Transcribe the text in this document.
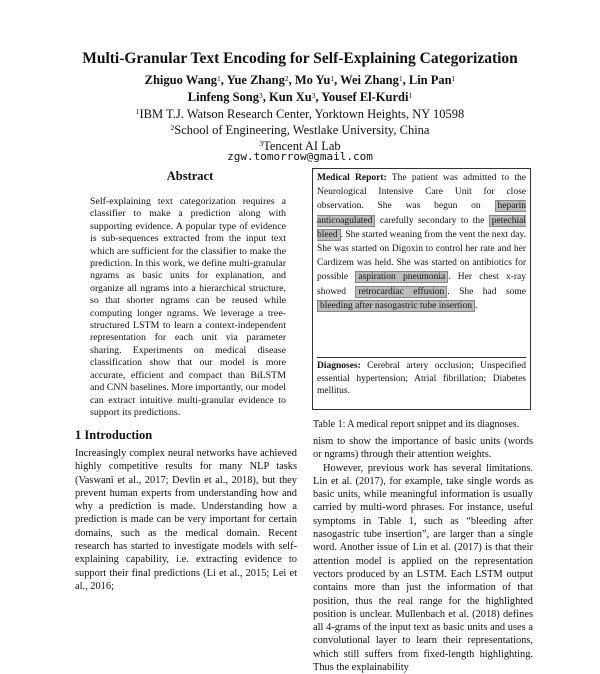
Multi-Granular Text Encoding for Self-Explaining Categorization
Zhiguo Wang$^1$, Yue Zhang$^2$, Mo Yu$^1$, Wei Zhang$^1$, Lin Pan$^1$
Linfeng Song$^3$, Kun Xu$^3$, Yousef El-Kurdi$^1$
$^1$IBM T.J. Watson Research Center, Yorktown Heights, NY 10598
$^2$School of Engineering, Westlake University, China
$^3$Tencent AI Lab
zgw.tomorrow@gmail.com
Abstract
Self-explaining text categorization requires a classifier to make a prediction along with supporting evidence. A popular type of evidence is sub-sequences extracted from the input text which are sufficient for the classifier to make the prediction. In this work, we define multi-granular ngrams as basic units for explanation, and organize all ngrams into a hierarchical structure, so that shorter ngrams can be reused while computing longer ngrams. We leverage a tree-structured LSTM to learn a context-independent representation for each unit via parameter sharing. Experiments on medical disease classification show that our model is more accurate, efficient and compact than BiLSTM and CNN baselines. More importantly, our model can extract intuitive multi-granular evidence to support its predictions.
1 Introduction
Increasingly complex neural networks have achieved highly competitive results for many NLP tasks (Vaswani et al., 2017; Devlin et al., 2018), but they prevent human experts from understanding how and why a prediction is made. Understanding how a prediction is made can be very important for certain domains, such as the medical domain. Recent research has started to investigate models with self-explaining capability, i.e. extracting evidence to support their final predictions (Li et al., 2015; Lei et al., 2016;
Medical Report: The patient was admitted to the Neurological Intensive Care Unit for close observation. She was begun on heparin anticoagulated carefully secondary to the petechial bleed . She started weaning from the vent the next day. She was started on Digoxin to control her rate and her Cardizem was held. She was started on antibiotics for possible aspiration pneumonia . Her chest x-ray showed retrocardiac effusion . She had some bleeding after nasogastric tube insertion .
Diagnoses: Cerebral artery occlusion; Unspecified essential hypertension; Atrial fibrillation; Diabetes mellitus.
Table 1: A medical report snippet and its diagnoses.

nism to show the importance of basic units (words or ngrams) through their attention weights.

However, previous work has several limitations. Lin et al. (2017), for example, take single words as basic units, while meaningful information is usually carried by multi-word phrases. For instance, useful symptoms in Table 1, such as “bleeding after nasogastric tube insertion”, are larger than a single word. Another issue of Lin et al. (2017) is that their attention model is applied on the representation vectors produced by an LSTM. Each LSTM output contains more than just the information of that position, thus the real range for the highlighted position is unclear. Mullenbach et al. (2018) defines all 4-grams of the input text as basic units and uses a convolutional layer to learn their representations, which still suffers from fixed-length highlighting. Thus the explainability
